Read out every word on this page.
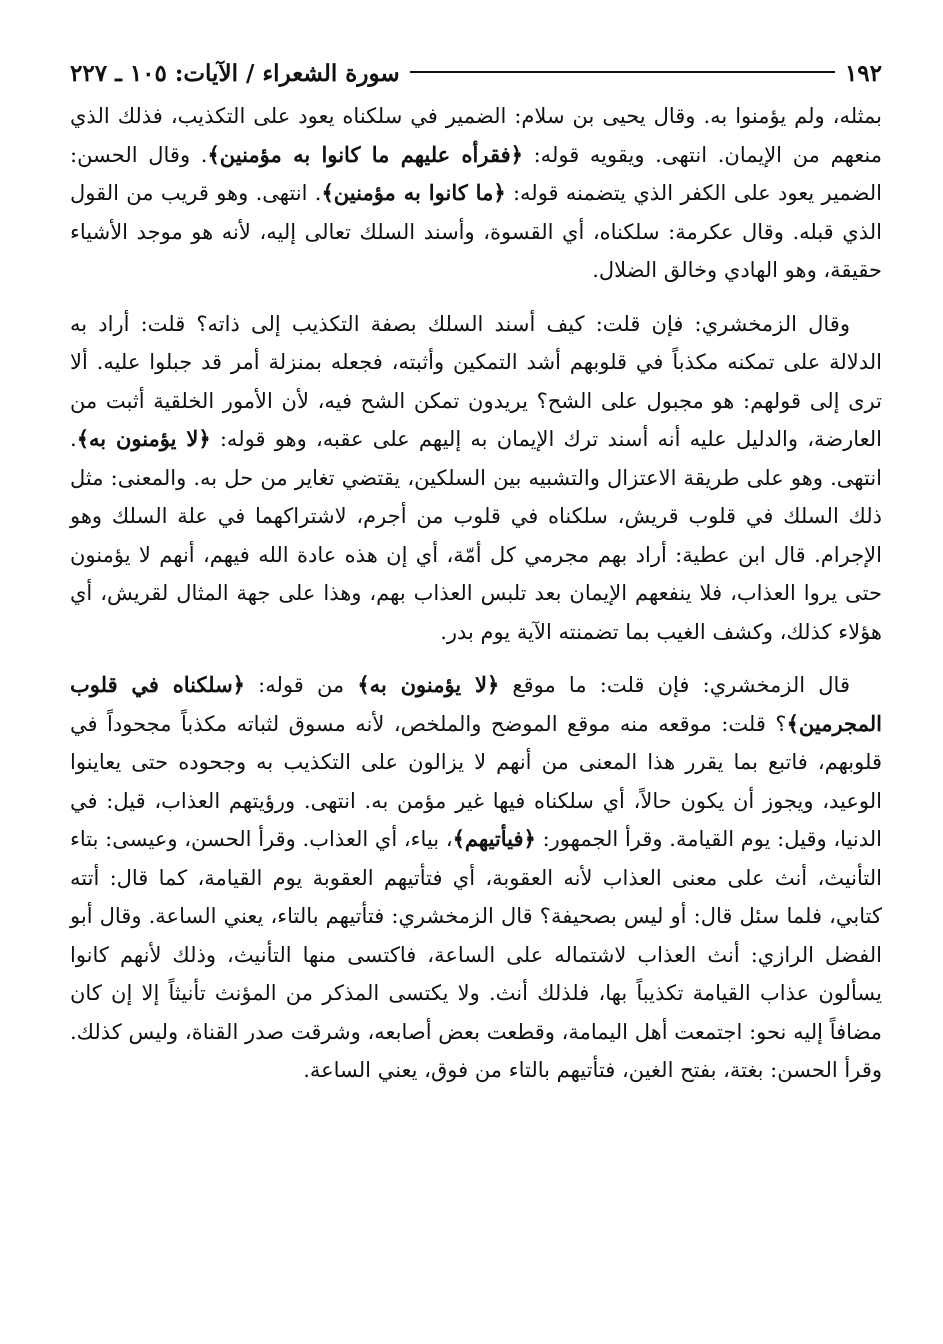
١٩٢
سورة الشعراء / الآيات: ١٠٥ ـ ٢٢٧

بمثله، ولم يؤمنوا به. وقال يحيى بن سلام: الضمير في سلكناه يعود على التكذيب، فذلك الذي منعهم من الإيمان. انتهى. ويقويه قوله: ﴿فقرأه عليهم ما كانوا به مؤمنين﴾. وقال الحسن: الضمير يعود على الكفر الذي يتضمنه قوله: ﴿ما كانوا به مؤمنين﴾. انتهى. وهو قريب من القول الذي قبله. وقال عكرمة: سلكناه، أي القسوة، وأسند السلك تعالى إليه، لأنه هو موجد الأشياء حقيقة، وهو الهادي وخالق الضلال.

وقال الزمخشري: فإن قلت: كيف أسند السلك بصفة التكذيب إلى ذاته؟ قلت: أراد به الدلالة على تمكنه مكذباً في قلوبهم أشد التمكين وأثبته، فجعله بمنزلة أمر قد جبلوا عليه. ألا ترى إلى قولهم: هو مجبول على الشح؟ يريدون تمكن الشح فيه، لأن الأمور الخلقية أثبت من العارضة، والدليل عليه أنه أسند ترك الإيمان به إليهم على عقبه، وهو قوله: ﴿لا يؤمنون به﴾. انتهى. وهو على طريقة الاعتزال والتشبيه بين السلكين، يقتضي تغاير من حل به. والمعنى: مثل ذلك السلك في قلوب قريش، سلكناه في قلوب من أجرم، لاشتراكهما في علة السلك وهو الإجرام. قال ابن عطية: أراد بهم مجرمي كل أمّة، أي إن هذه عادة الله فيهم، أنهم لا يؤمنون حتى يروا العذاب، فلا ينفعهم الإيمان بعد تلبس العذاب بهم، وهذا على جهة المثال لقريش، أي هؤلاء كذلك، وكشف الغيب بما تضمنته الآية يوم بدر.

قال الزمخشري: فإن قلت: ما موقع ﴿لا يؤمنون به﴾ من قوله: ﴿سلكناه في قلوب المجرمين﴾؟ قلت: موقعه منه موقع الموضح والملخص، لأنه مسوق لثباته مكذباً مجحوداً في قلوبهم، فاتبع بما يقرر هذا المعنى من أنهم لا يزالون على التكذيب به وجحوده حتى يعاينوا الوعيد، ويجوز أن يكون حالاً، أي سلكناه فيها غير مؤمن به. انتهى. ورؤيتهم العذاب، قيل: في الدنيا، وقيل: يوم القيامة. وقرأ الجمهور: ﴿فيأتيهم﴾، بياء، أي العذاب. وقرأ الحسن، وعيسى: بتاء التأنيث، أنث على معنى العذاب لأنه العقوبة، أي فتأتيهم العقوبة يوم القيامة، كما قال: أتته كتابي، فلما سئل قال: أو ليس بصحيفة؟ قال الزمخشري: فتأتيهم بالتاء، يعني الساعة. وقال أبو الفضل الرازي: أنث العذاب لاشتماله على الساعة، فاكتسى منها التأنيث، وذلك لأنهم كانوا يسألون عذاب القيامة تكذيباً بها، فلذلك أنث. ولا يكتسى المذكر من المؤنث تأنيثاً إلا إن كان مضافاً إليه نحو: اجتمعت أهل اليمامة، وقطعت بعض أصابعه، وشرقت صدر القناة، وليس كذلك. وقرأ الحسن: بغتة، بفتح الغين، فتأتيهم بالتاء من فوق، يعني الساعة.
